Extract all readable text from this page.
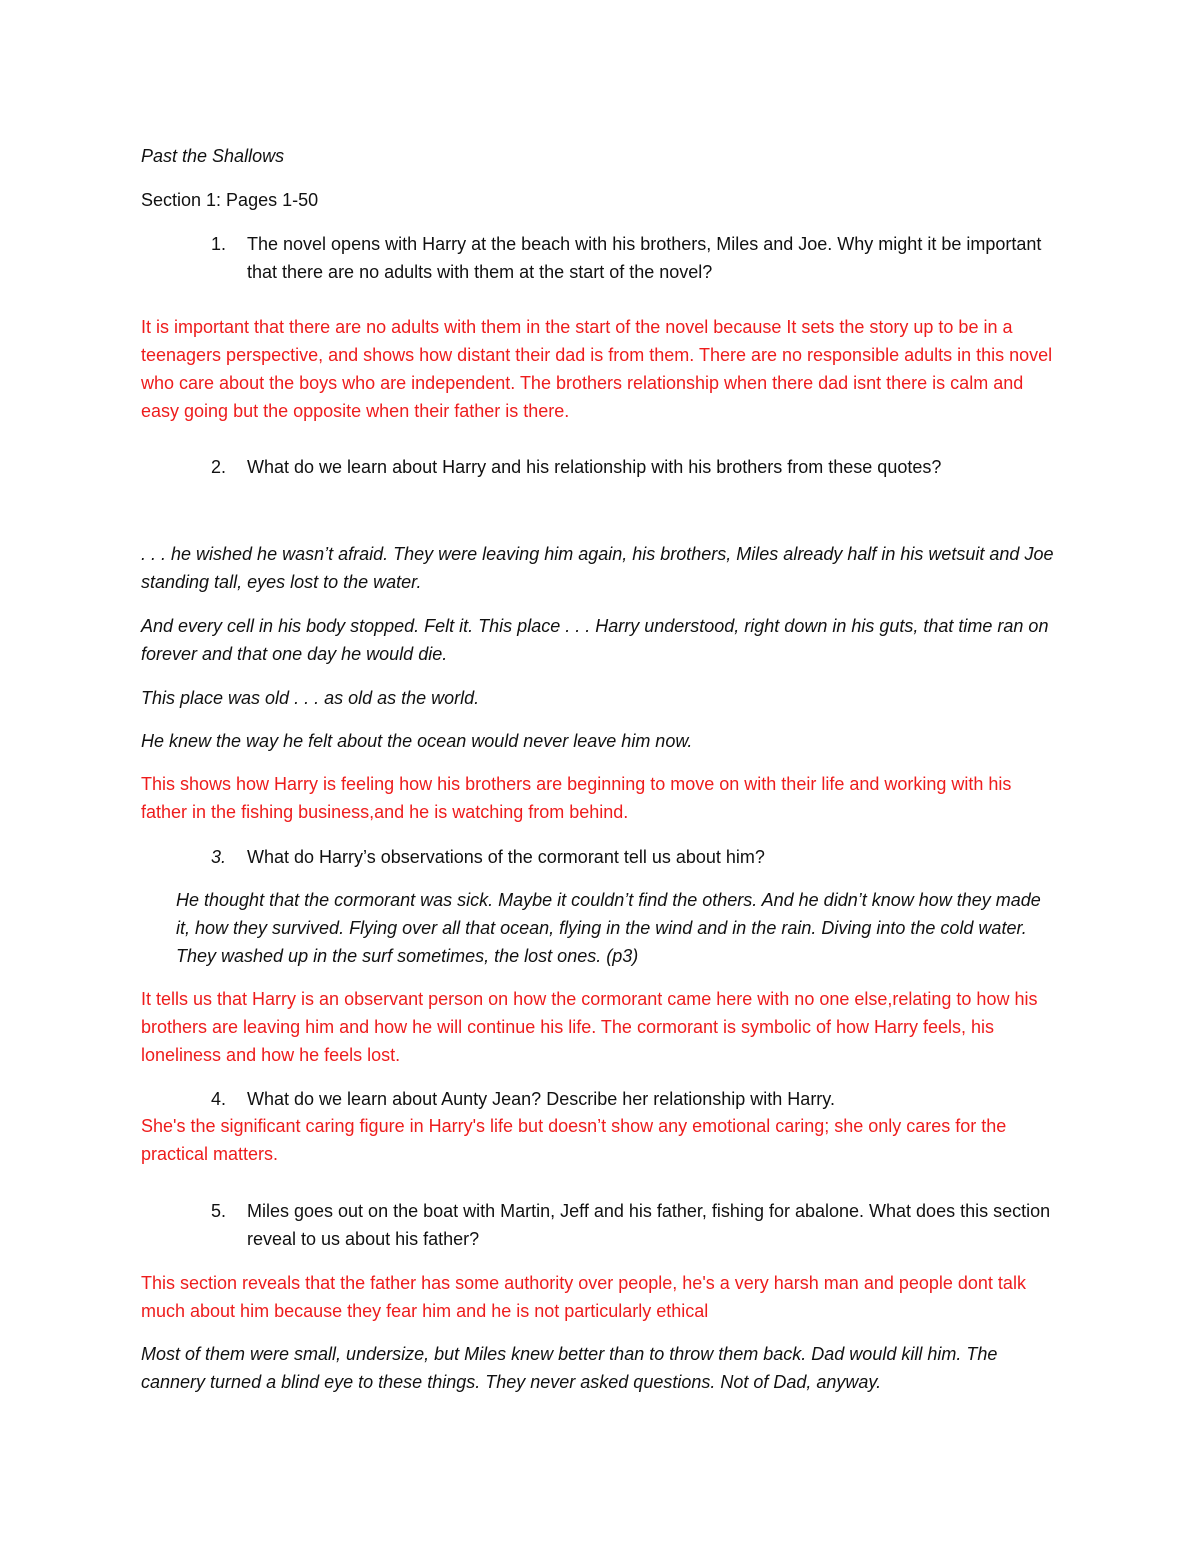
Past the Shallows
Section 1: Pages 1-50
1. The novel opens with Harry at the beach with his brothers, Miles and Joe. Why might it be important that there are no adults with them at the start of the novel?
It is important that there are no adults with them in the start of the novel because It sets the story up to be in a teenagers perspective, and shows how distant their dad is from them. There are no responsible adults in this novel who care about the boys who are independent. The brothers relationship when there dad isnt there is calm and easy going but the opposite when their father is there.
2. What do we learn about Harry and his relationship with his brothers from these quotes?
. . . he wished he wasn’t afraid. They were leaving him again, his brothers, Miles already half in his wetsuit and Joe standing tall, eyes lost to the water.
And every cell in his body stopped. Felt it. This place . . . Harry understood, right down in his guts, that time ran on forever and that one day he would die.
This place was old . . . as old as the world.
He knew the way he felt about the ocean would never leave him now.
This shows how Harry is feeling how his brothers are beginning to move on with their life and working with his father in the fishing business,and he is watching from behind.
3. What do Harry’s observations of the cormorant tell us about him?
He thought that the cormorant was sick. Maybe it couldn’t find the others. And he didn’t know how they made it, how they survived. Flying over all that ocean, flying in the wind and in the rain. Diving into the cold water. They washed up in the surf sometimes, the lost ones. (p3)
It tells us that Harry is an observant person on how the cormorant came here with no one else,relating to how his brothers are leaving him and how he will continue his life. The cormorant is symbolic of how Harry feels, his loneliness and how he feels lost.
4. What do we learn about Aunty Jean? Describe her relationship with Harry.
She's the significant caring figure in Harry's life but doesn’t show any emotional caring; she only cares for the practical matters.
5. Miles goes out on the boat with Martin, Jeff and his father, fishing for abalone. What does this section reveal to us about his father?
This section reveals that the father has some authority over people, he's a very harsh man and people dont talk much about him because they fear him and he is not particularly ethical
Most of them were small, undersize, but Miles knew better than to throw them back. Dad would kill him. The cannery turned a blind eye to these things. They never asked questions. Not of Dad, anyway.
